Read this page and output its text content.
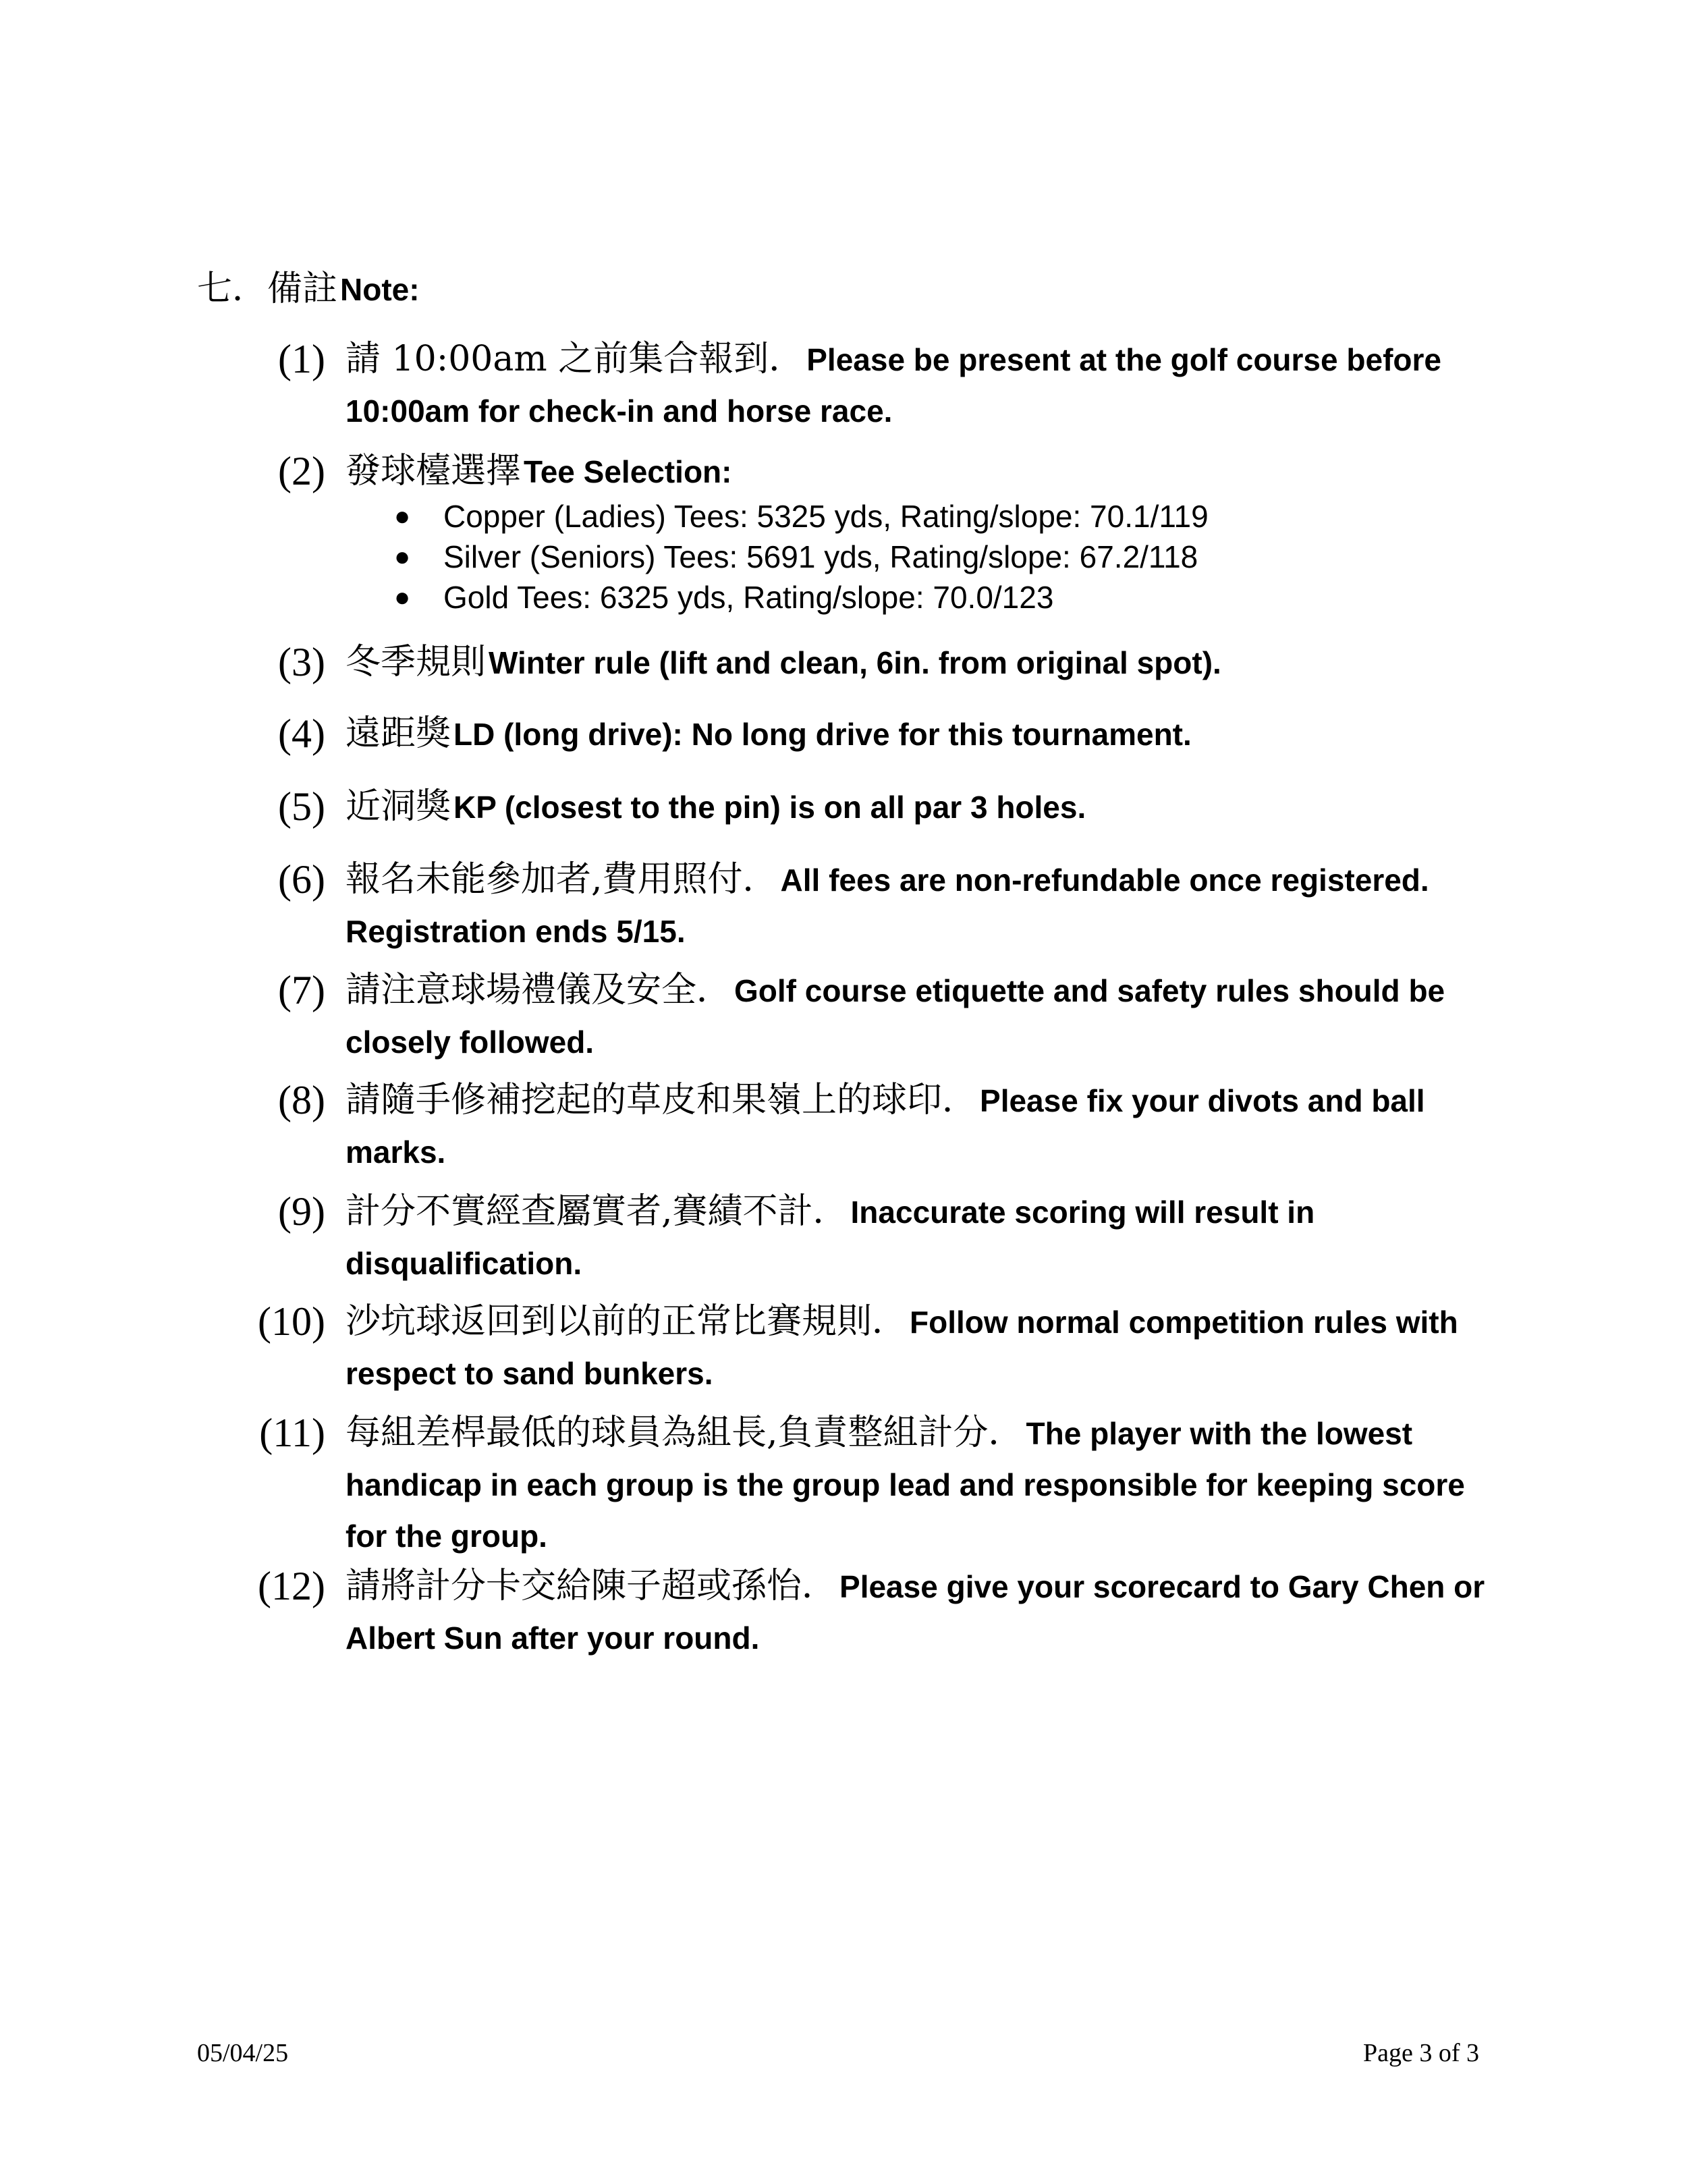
七．備註 Note:
(1) 請 10:00am 之前集合報到． Please be present at the golf course before 10:00am for check-in and horse race.
(2) 發球檯選擇 Tee Selection:
● Copper (Ladies) Tees: 5325 yds, Rating/slope: 70.1/119
● Silver (Seniors) Tees: 5691 yds, Rating/slope: 67.2/118
● Gold Tees: 6325 yds, Rating/slope: 70.0/123
(3) 冬季規則 Winter rule (lift and clean, 6in. from original spot).
(4) 遠距獎 LD (long drive): No long drive for this tournament.
(5) 近洞獎 KP (closest to the pin) is on all par 3 holes.
(6) 報名未能參加者,費用照付． All fees are non-refundable once registered. Registration ends 5/15.
(7) 請注意球場禮儀及安全． Golf course etiquette and safety rules should be closely followed.
(8) 請隨手修補挖起的草皮和果嶺上的球印． Please fix your divots and ball marks.
(9) 計分不實經查屬實者,賽績不計． Inaccurate scoring will result in disqualification.
(10) 沙坑球返回到以前的正常比賽規則． Follow normal competition rules with respect to sand bunkers.
(11) 每組差桿最低的球員為組長,負責整組計分． The player with the lowest handicap in each group is the group lead and responsible for keeping score for the group.
(12) 請將計分卡交給陳子超或孫怡． Please give your scorecard to Gary Chen or Albert Sun after your round.
05/04/25	Page 3 of 3
